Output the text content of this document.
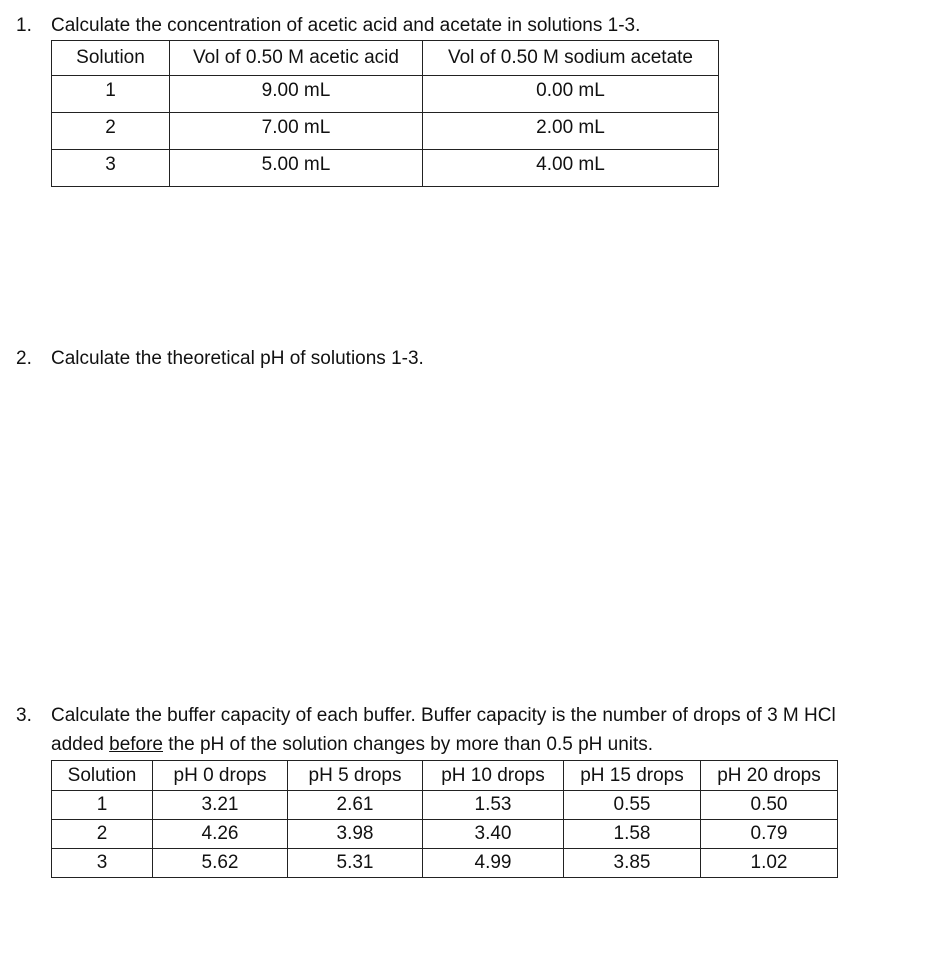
1. Calculate the concentration of acetic acid and acetate in solutions 1-3.
Solution	Vol of 0.50 M acetic acid	Vol of 0.50 M sodium acetate
1	9.00 mL	0.00 mL
2	7.00 mL	2.00 mL
3	5.00 mL	4.00 mL
2. Calculate the theoretical pH of solutions 1-3.
3. Calculate the buffer capacity of each buffer. Buffer capacity is the number of drops of 3 M HCl
added before the pH of the solution changes by more than 0.5 pH units.
Solution	pH 0 drops	pH 5 drops	pH 10 drops	pH 15 drops	pH 20 drops
1	3.21	2.61	1.53	0.55	0.50
2	4.26	3.98	3.40	1.58	0.79
3	5.62	5.31	4.99	3.85	1.02
